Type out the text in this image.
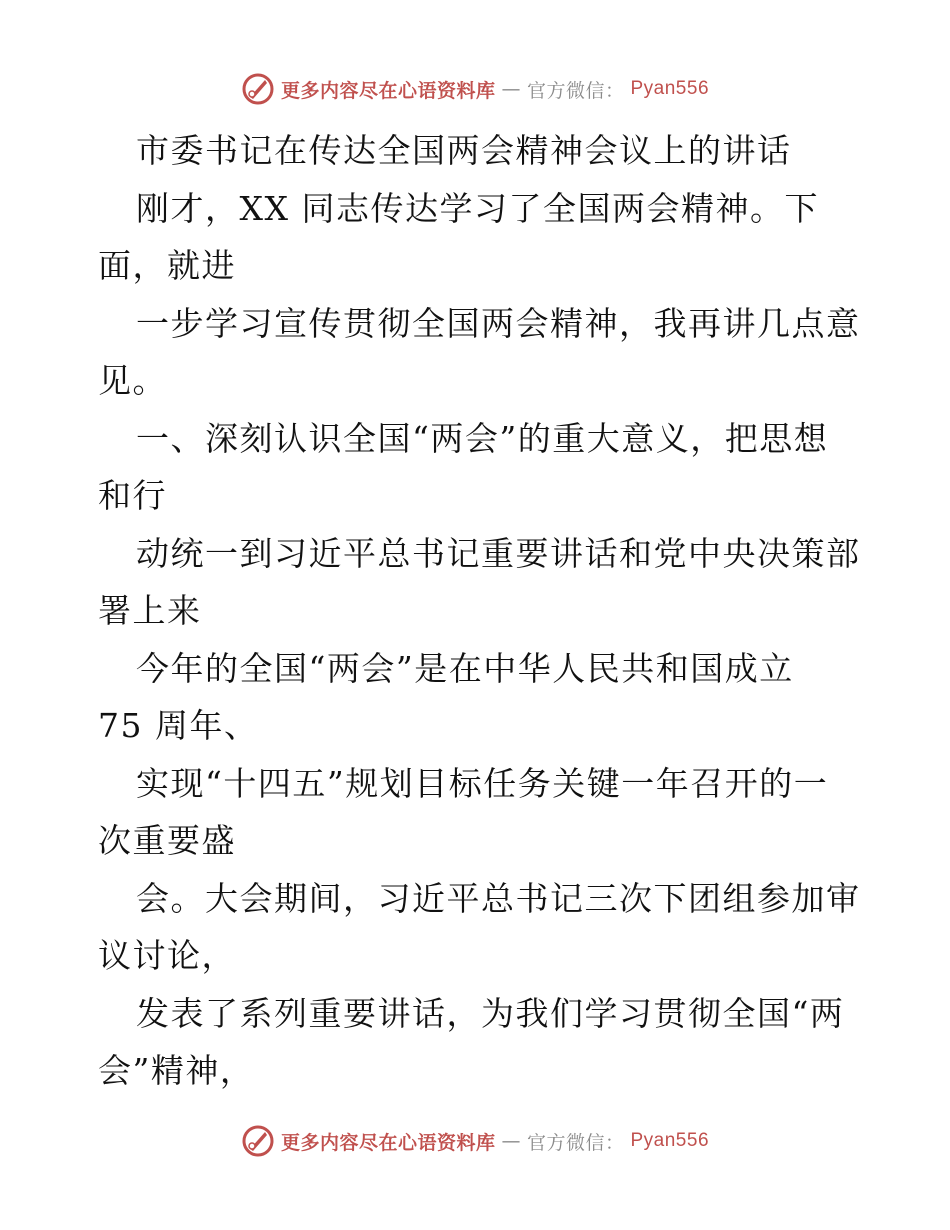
更多内容尽在心语资料库 — 官方微信： Pyan556
市委书记在传达全国两会精神会议上的讲话
刚才，XX 同志传达学习了全国两会精神。下
面，就进
一步学习宣传贯彻全国两会精神，我再讲几点意
见。
一、深刻认识全国“两会”的重大意义，把思想
和行
动统一到习近平总书记重要讲话和党中央决策部
署上来
今年的全国“两会”是在中华人民共和国成立
75 周年、
实现“十四五”规划目标任务关键一年召开的一
次重要盛
会。大会期间，习近平总书记三次下团组参加审
议讨论，
发表了系列重要讲话，为我们学习贯彻全国“两
会”精神，
更多内容尽在心语资料库 — 官方微信： Pyan556
